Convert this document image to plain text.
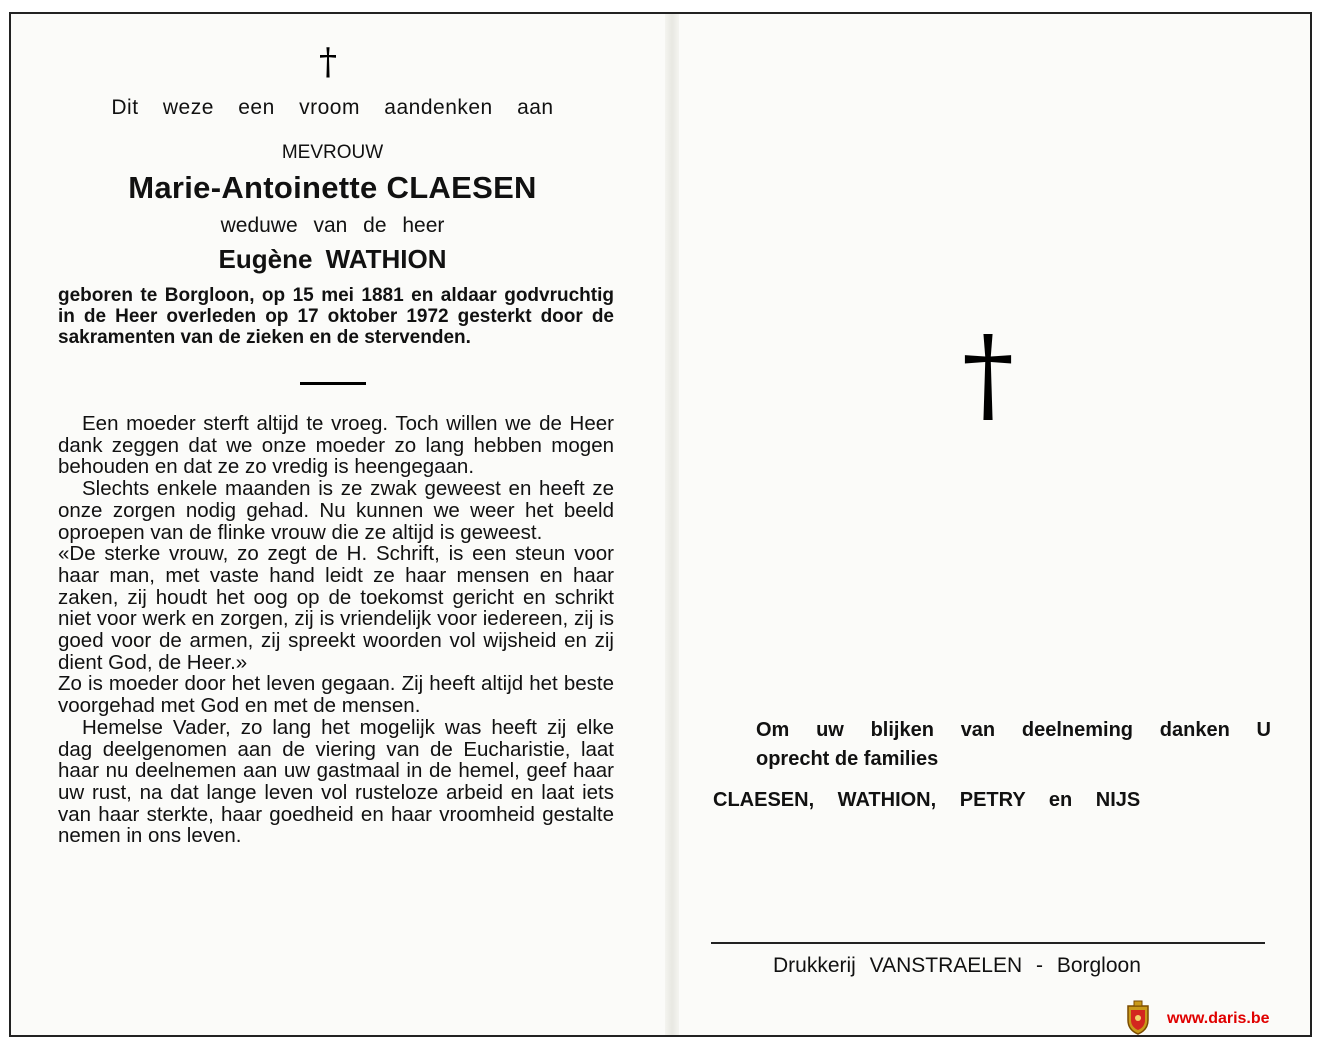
†

Dit weze een vroom aandenken aan

MEVROUW

Marie-Antoinette CLAESEN

weduwe van de heer

Eugène WATHION

geboren te Borgloon, op 15 mei 1881 en aldaar godvruchtig in de Heer overleden op 17 oktober 1972 gesterkt door de sakramenten van de zieken en de stervenden.

Een moeder sterft altijd te vroeg. Toch willen we de Heer dank zeggen dat we onze moeder zo lang hebben mogen behouden en dat ze zo vredig is heengegaan.

Slechts enkele maanden is ze zwak geweest en heeft ze onze zorgen nodig gehad. Nu kunnen we weer het beeld oproepen van de flinke vrouw die ze altijd is geweest.

«De sterke vrouw, zo zegt de H. Schrift, is een steun voor haar man, met vaste hand leidt ze haar mensen en haar zaken, zij houdt het oog op de toekomst gericht en schrikt niet voor werk en zorgen, zij is vriendelijk voor iedereen, zij is goed voor de armen, zij spreekt woorden vol wijsheid en zij dient God, de Heer.»

Zo is moeder door het leven gegaan. Zij heeft altijd het beste voorgehad met God en met de mensen.

Hemelse Vader, zo lang het mogelijk was heeft zij elke dag deelgenomen aan de viering van de Eucharistie, laat haar nu deelnemen aan uw gastmaal in de hemel, geef haar uw rust, na dat lange leven vol rusteloze arbeid en laat iets van haar sterkte, haar goedheid en haar vroomheid gestalte nemen in ons leven.

†
Om uw blijken van deelneming danken U
oprecht de families
CLAESEN, WATHION, PETRY en NIJS
Drukkerij VANSTRAELEN - Borgloon
www.daris.be
